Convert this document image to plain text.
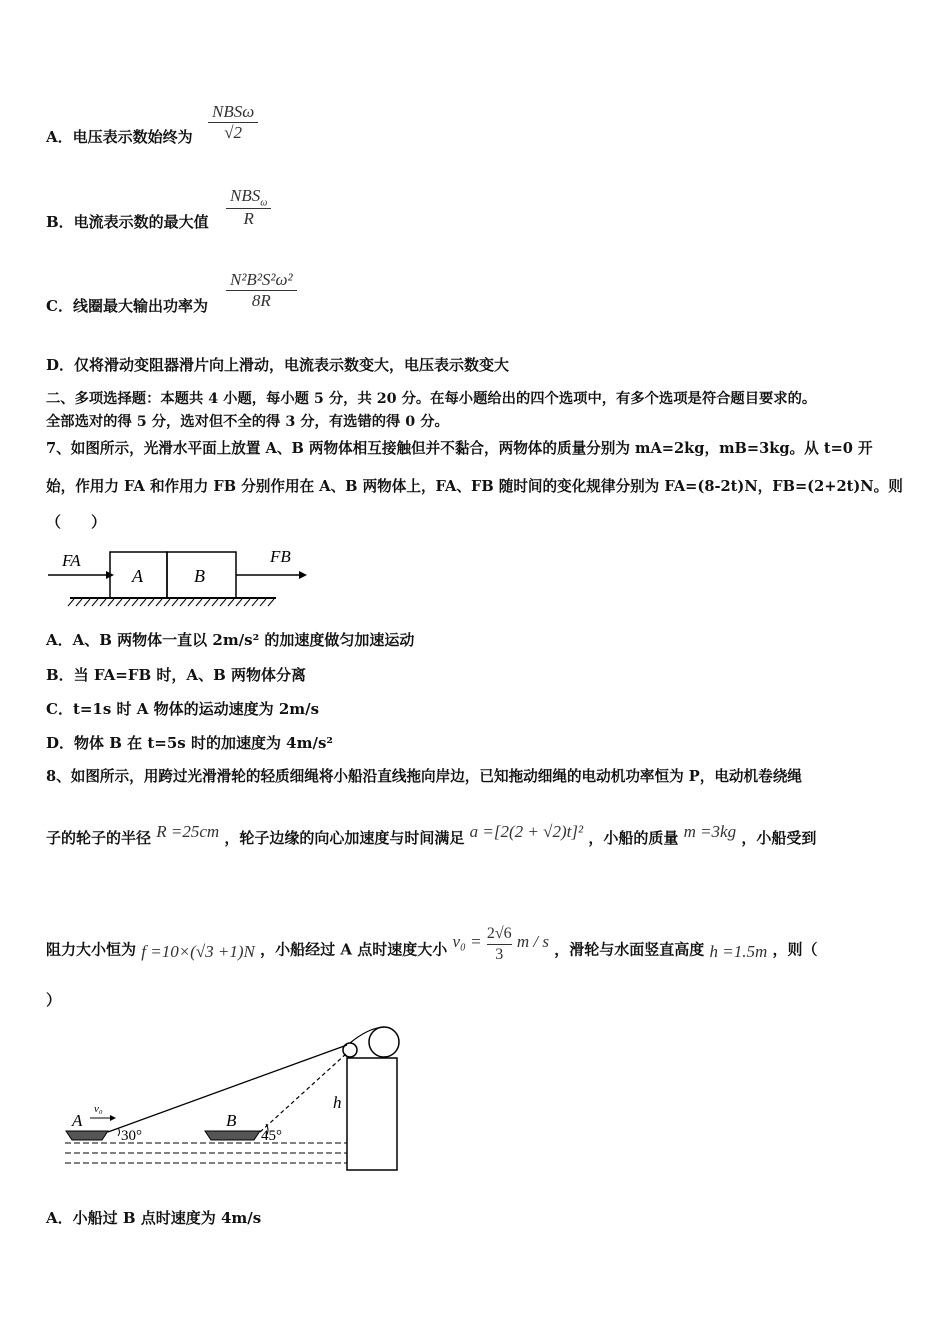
A．电压表示数始终为
NBSω
√2
B．电流表示数的最大值
$NBS_\omega$
R
C．线圈最大输出功率为 $\frac{\text{N²B²S²ω²}}{8R}$
D．仅将滑动变阻器滑片向上滑动，电流表示数变大，电压表示数变大
二、多项选择题：本题共 4 小题，每小题 5 分，共 20 分。在每小题给出的四个选项中，有多个选项是符合题目要求的。
全部选对的得 5 分，选对但不全的得 3 分，有选错的得 0 分。
7、如图所示，光滑水平面上放置 A、B 两物体相互接触但并不黏合，两物体的质量分别为 mA=2kg，mB=3kg。从 t=0 开
始，作用力 FA 和作用力 FB 分别作用在 A、B 两物体上，FA、FB 随时间的变化规律分别为 FA=(8-2t)N，FB=(2+2t)N。则
（　　）
FA
A	B
FB
A．A、B 两物体一直以 2m/s² 的加速度做匀加速运动
B．当 FA=FB 时，A、B 两物体分离
C．t=1s 时 A 物体的运动速度为 2m/s
D．物体 B 在 t=5s 时的加速度为 4m/s²
8、如图所示，用跨过光滑滑轮的轻质细绳将小船沿直线拖向岸边，已知拖动细绳的电动机功率恒为 P，电动机卷绕绳
子的轮子的半径 R =25cm ，轮子边缘的向心加速度与时间满足 a =[2(2 + √2)t]² ，小船的质量 m =3kg ，小船受到
阻力大小恒为 f =10×(√3 +1)N ，小船经过 A 点时速度大小 $v_0 = \frac{2√6}{3}$ m / s ，滑轮与水面竖直高度 h =1.5m ，则（
）
h
A
v₀
30°
B
45°
A．小船过 B 点时速度为 4m/s
